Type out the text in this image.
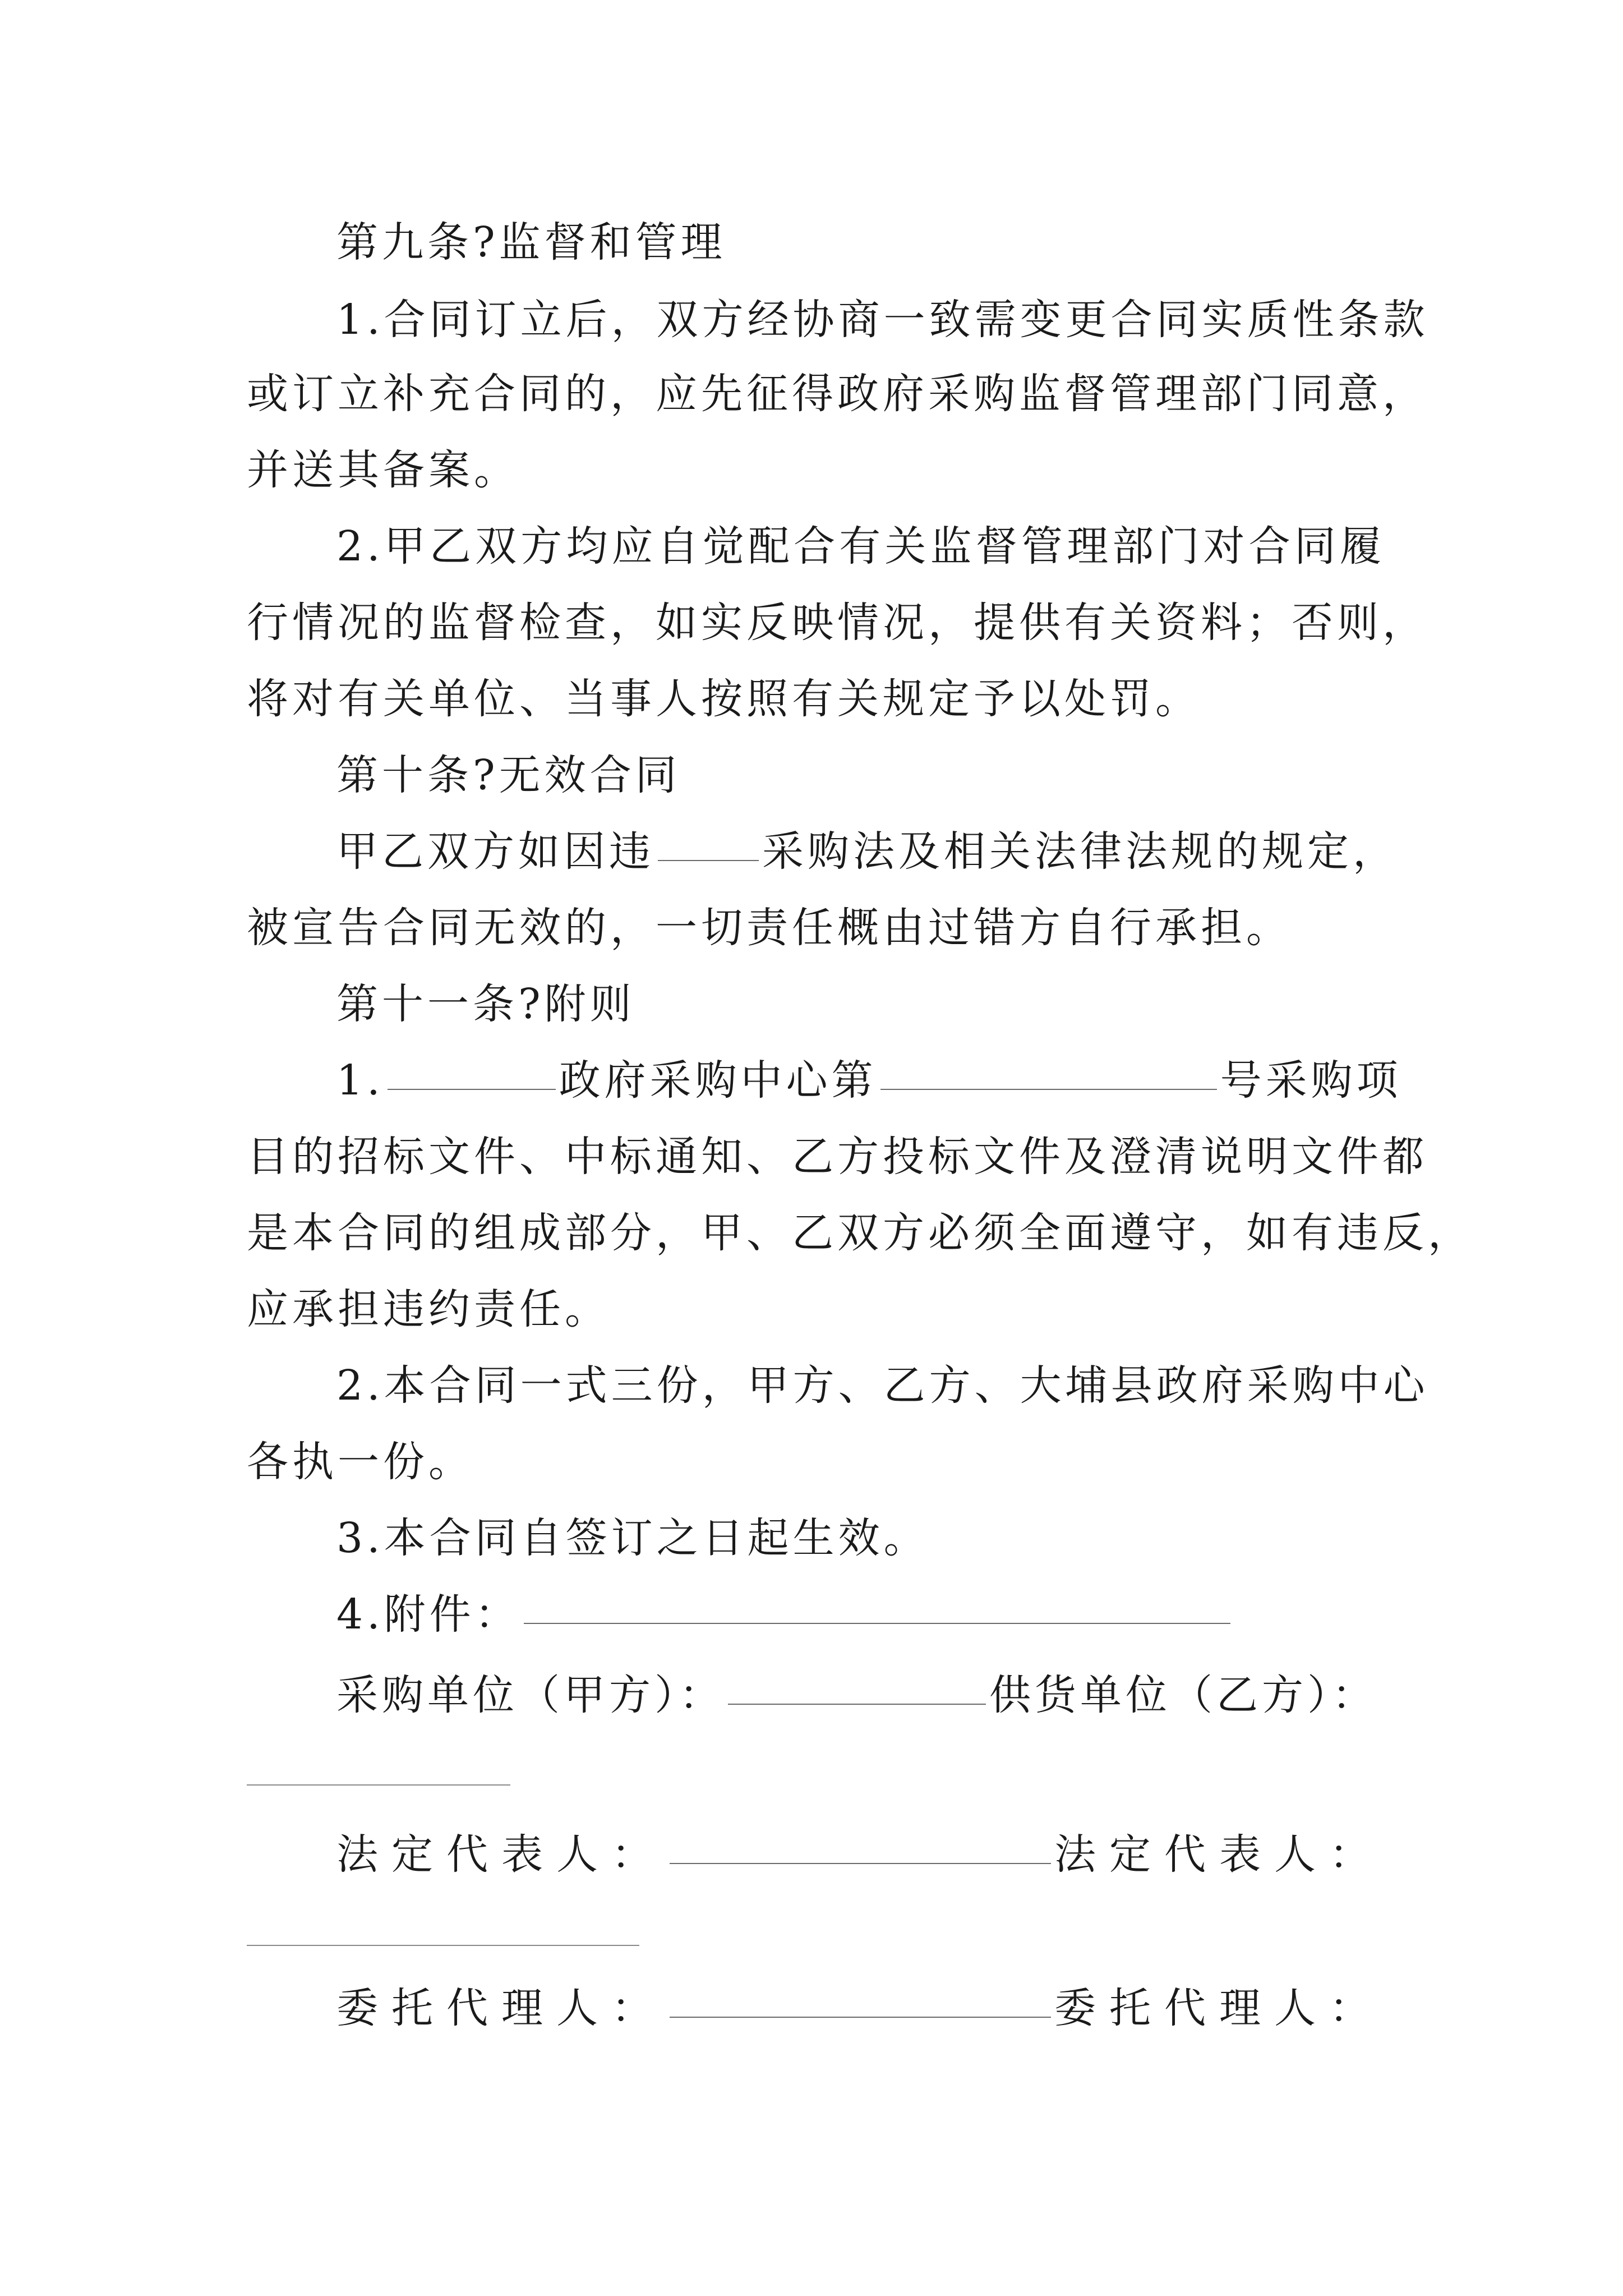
第九条?监督和管理
1.合同订立后，双方经协商一致需变更合同实质性条款
或订立补充合同的，应先征得政府采购监督管理部门同意，
并送其备案。
2.甲乙双方均应自觉配合有关监督管理部门对合同履
行情况的监督检查，如实反映情况，提供有关资料；否则，
将对有关单位、当事人按照有关规定予以处罚。
第十条?无效合同
甲乙双方如因违	采购法及相关法律法规的规定，
被宣告合同无效的，一切责任概由过错方自行承担。
第十一条?附则
1.	政府采购中心第	号采购项
目的招标文件、中标通知、乙方投标文件及澄清说明文件都
是本合同的组成部分，甲、乙双方必须全面遵守，如有违反，
应承担违约责任。
2.本合同一式三份，甲方、乙方、大埔县政府采购中心
各执一份。
3.本合同自签订之日起生效。
4.附件：
采购单位（甲方）：	供货单位（乙方）：
法定代表人：	法定代表人：
委托代理人：	委托代理人：
